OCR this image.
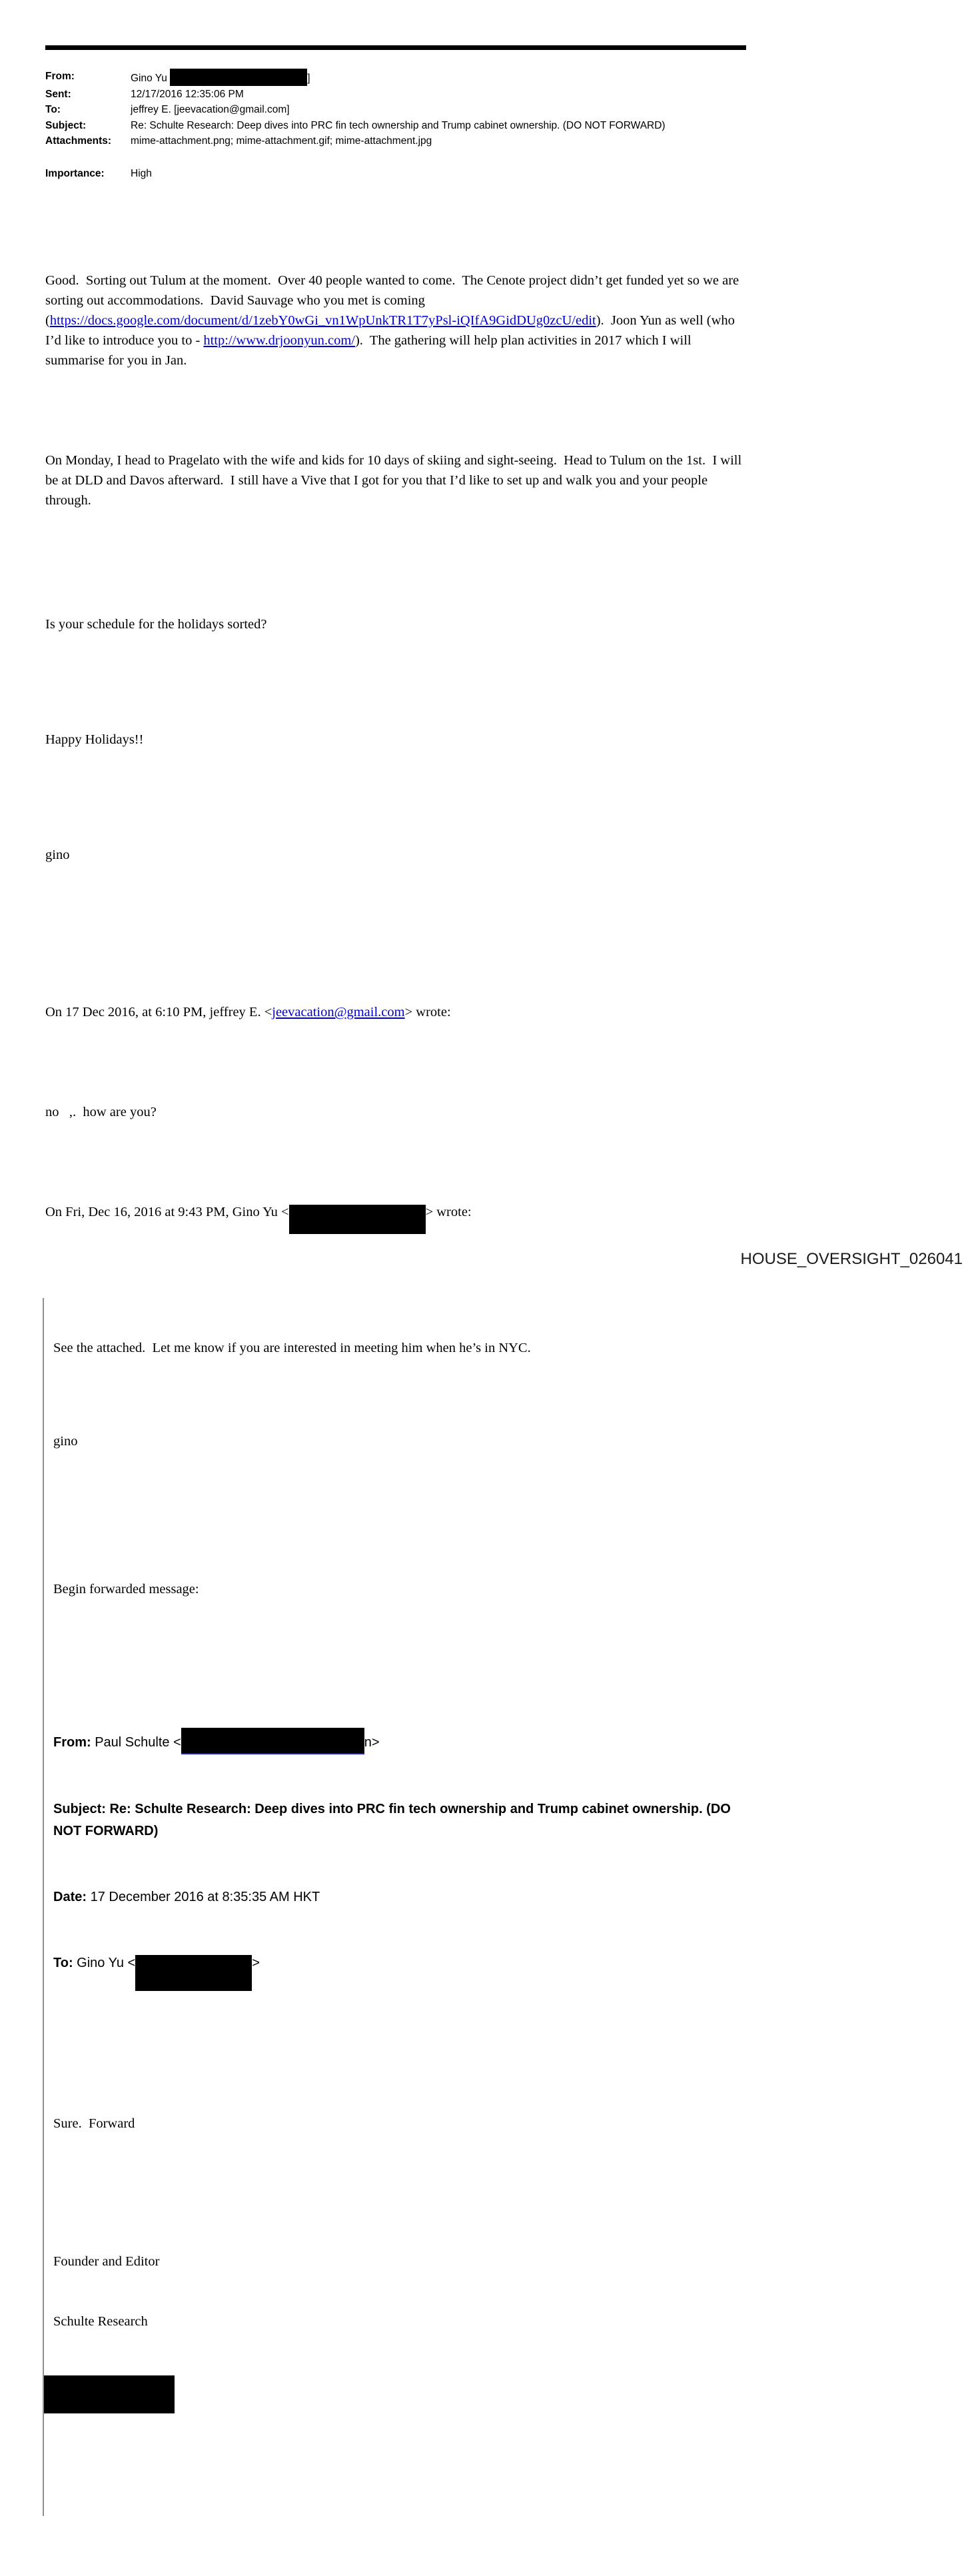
From:	Gino Yu	]
Sent:	12/17/2016 12:35:06 PM
To:	jeffrey E. [jeevacation@gmail.com]
Subject:	Re: Schulte Research: Deep dives into PRC fin tech ownership and Trump cabinet ownership. (DO NOT FORWARD)
Attachments:	mime-attachment.png; mime-attachment.gif; mime-attachment.jpg
Importance:	High

Good.  Sorting out Tulum at the moment.  Over 40 people wanted to come.  The Cenote project didn’t get funded yet so we are sorting out accommodations.  David Sauvage who you met is coming (https://docs.google.com/document/d/1zebY0wGi_vn1WpUnkTR1T7yPsl-iQIfA9GidDUg0zcU/edit).  Joon Yun as well (who I’d like to introduce you to - http://www.drjoonyun.com/).  The gathering will help plan activities in 2017 which I will summarise for you in Jan.

On Monday, I head to Pragelato with the wife and kids for 10 days of skiing and sight-seeing.  Head to Tulum on the 1st.  I will be at DLD and Davos afterward.  I still have a Vive that I got for you that I’d like to set up and walk you and your people through.

Is your schedule for the holidays sorted?

Happy Holidays!!

gino

On 17 Dec 2016, at 6:10 PM, jeffrey E. <jeevacation@gmail.com> wrote:

no   ,.  how are you?

On Fri, Dec 16, 2016 at 9:43 PM, Gino Yu <	> wrote:

See the attached.  Let me know if you are interested in meeting him when he’s in NYC.

gino

Begin forwarded message:

From: Paul Schulte <	n>

Subject: Re: Schulte Research: Deep dives into PRC fin tech ownership and Trump cabinet ownership. (DO NOT FORWARD)

Date: 17 December 2016 at 8:35:35 AM HKT

To: Gino Yu <	>

Sure.  Forward

Founder and Editor

Schulte Research

HOUSE_OVERSIGHT_026041
